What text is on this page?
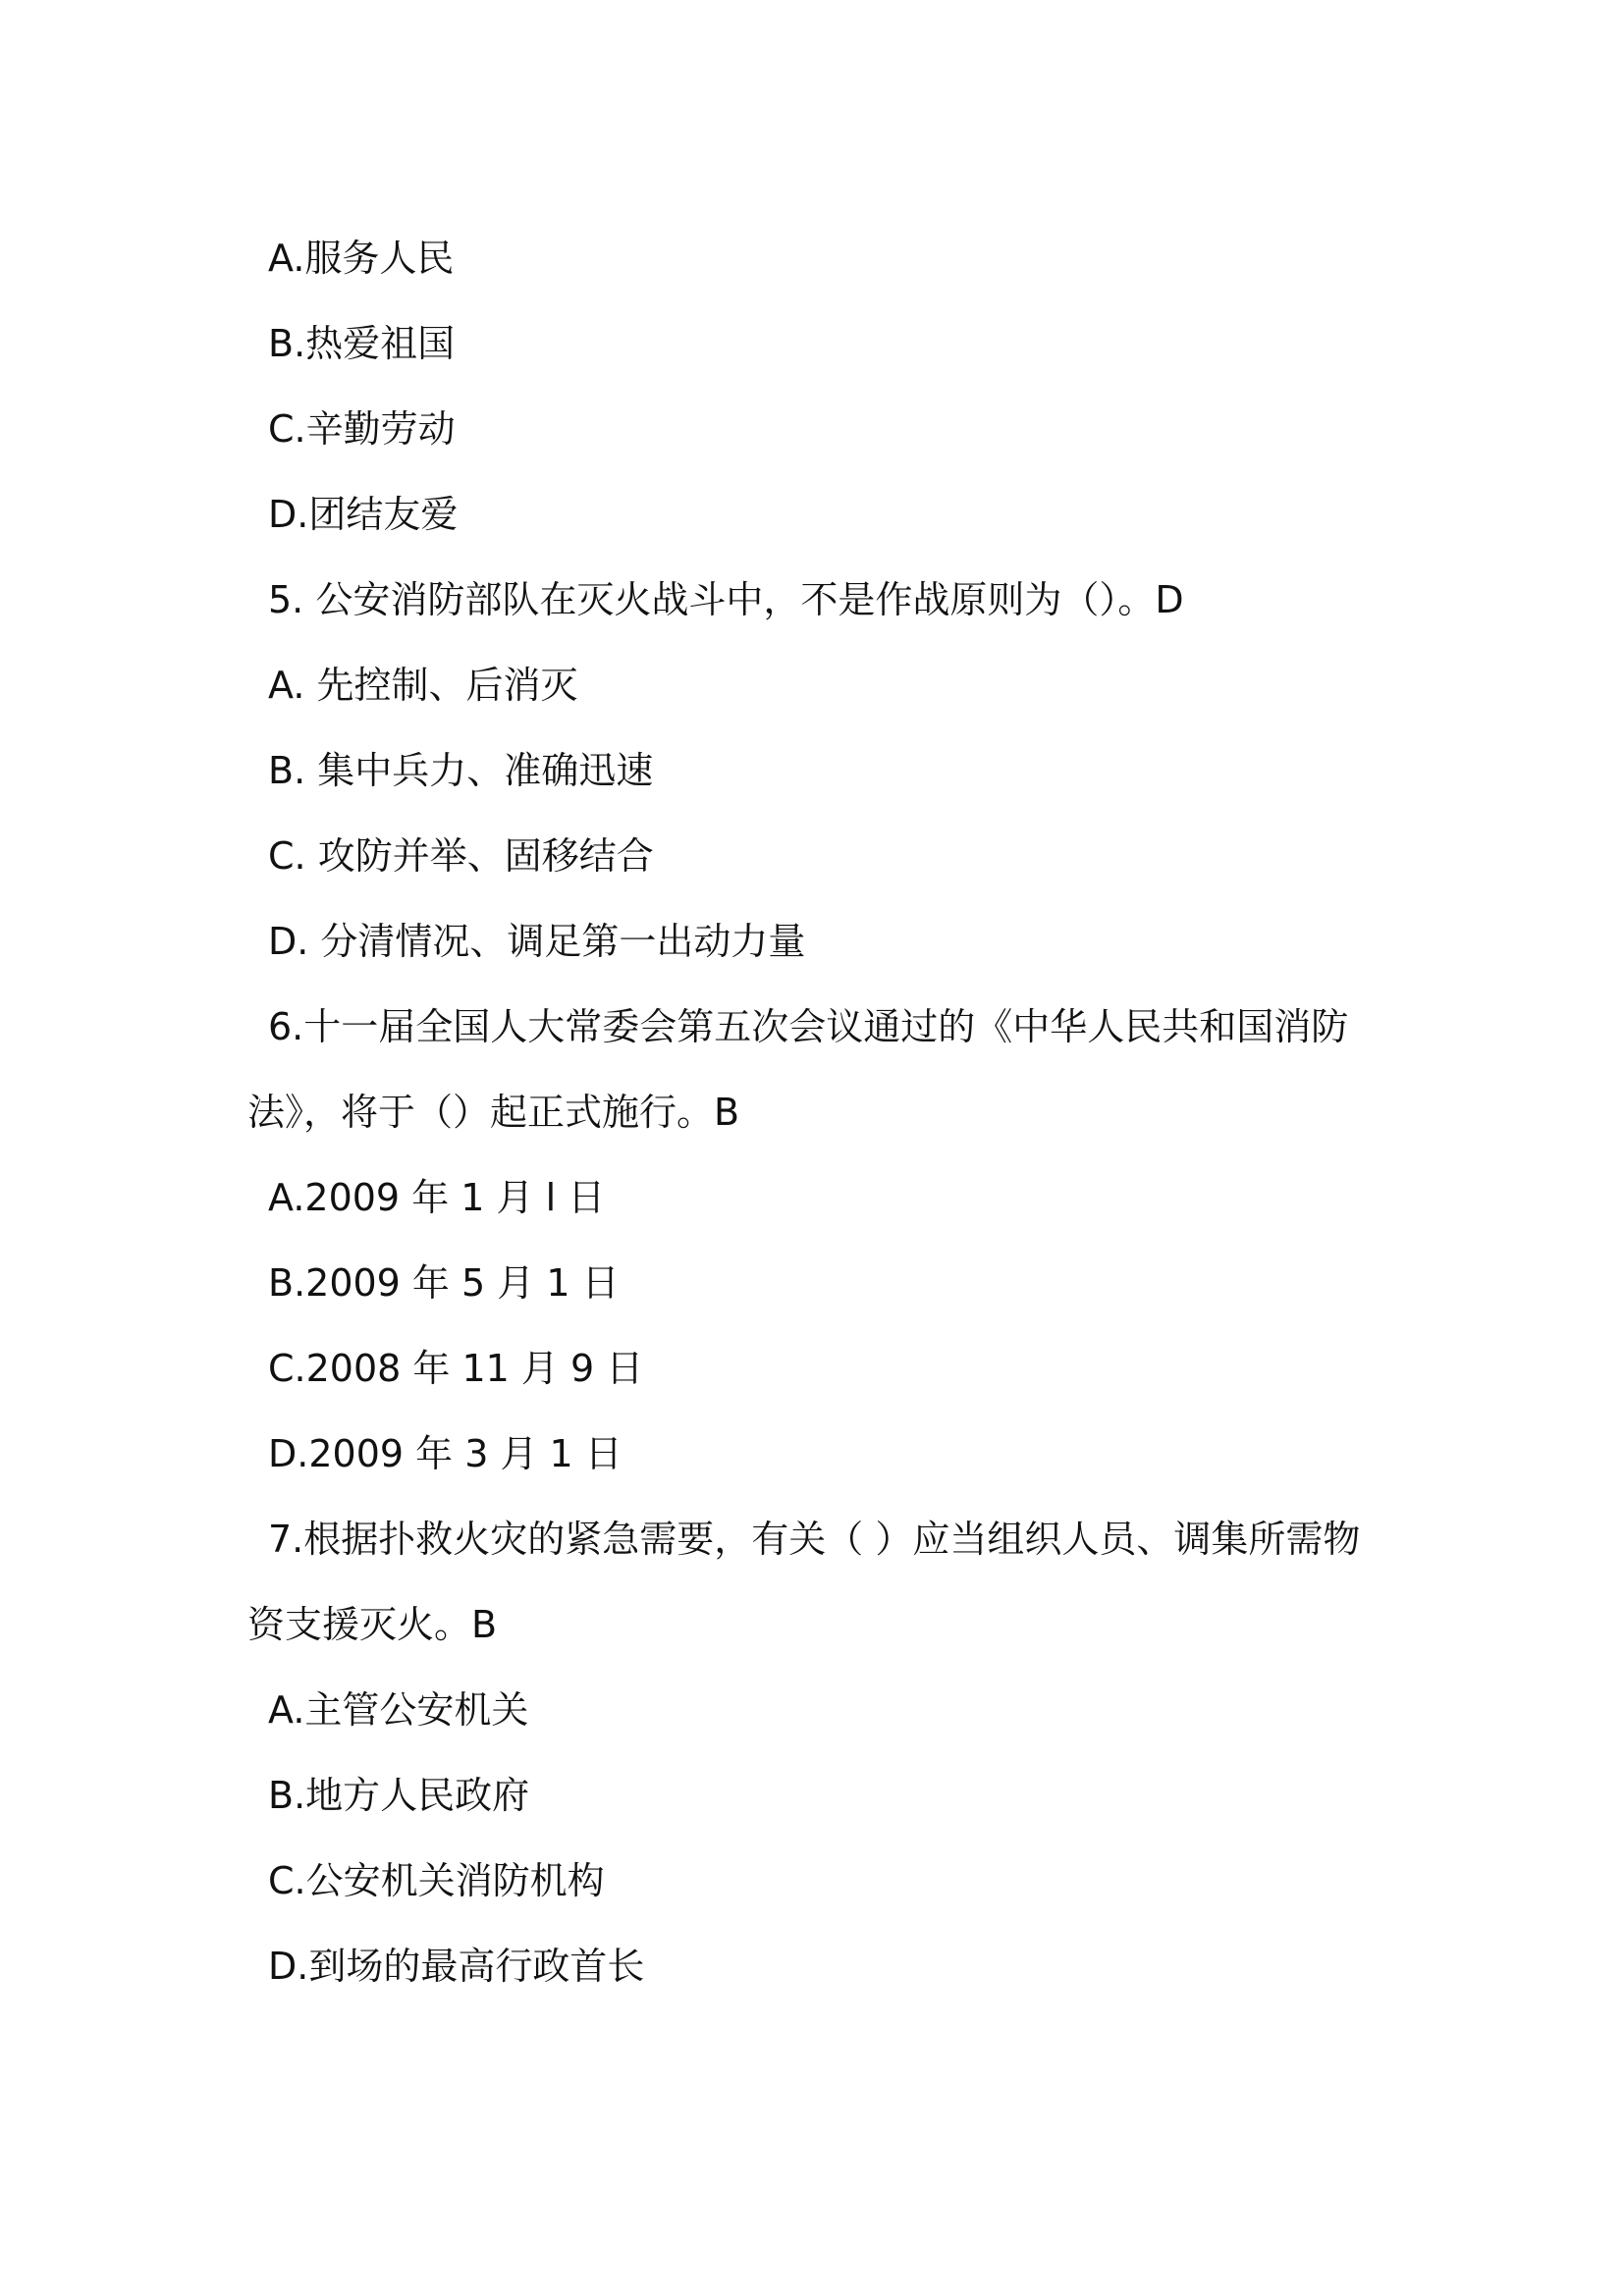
A.服务人民
B.热爱祖国
C.辛勤劳动
D.团结友爱
5. 公安消防部队在灭火战斗中，不是作战原则为（）。D
A. 先控制、后消灭
B. 集中兵力、准确迅速
C. 攻防并举、固移结合
D. 分清情况、调足第一出动力量
6.十一届全国人大常委会第五次会议通过的《中华人民共和国消防
法》，将于（）起正式施行。B
A.2009 年 1 月 l 日
B.2009 年 5 月 1 日
C.2008 年 11 月 9 日
D.2009 年 3 月 1 日
7.根据扑救火灾的紧急需要，有关（ ）应当组织人员、调集所需物
资支援灭火。B
A.主管公安机关
B.地方人民政府
C.公安机关消防机构
D.到场的最高行政首长
